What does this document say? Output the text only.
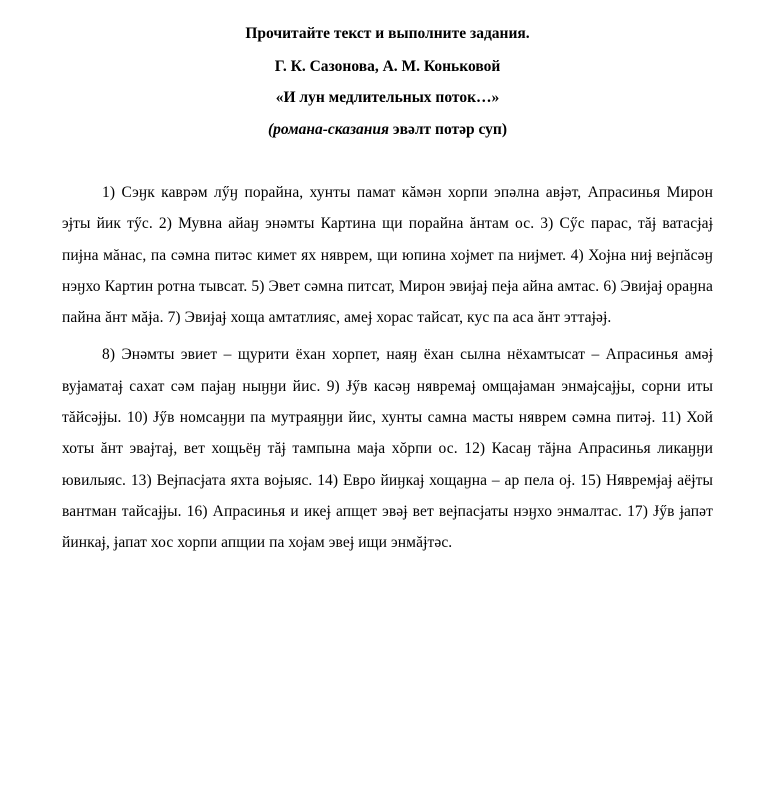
Прочитайте текст и выполните задания.
Г. К. Сазонова, А. М. Коньковой
«И лун медлительных поток…»
(романа-сказания эвəлт потəр суп)

1) Сэӈк каврəм лӳӈ порайна, хунты памат кăмəн хорпи эпəлна авɉəт, Апрасинья Мирон эɉты йик тӳс. 2) Мувна айаӈ энəмты Картина щи порайна ăнтам ос. 3) Сӳс парас, тăɉ ватасɉаɉ пиɉна мăнас, па сəмна питəс кимет ях няврем, щи юпина хоɉмет па ниɉмет. 4) Хоɉна ниɉ веɉпăсəӈ нэӈхо Картин ротна тывсат. 5) Эвет сəмна питсат, Мирон эвиɉаɉ пеɉа айна амтас. 6) Эвиɉаɉ ораӈна пайна ăнт мăɉа. 7) Эвиɉаɉ хоща амтатлияс, амеɉ хорас тайсат, кус па аса ăнт эттаɉəɉ.

8) Энəмты эвиет – щурити ёхан хорпет, наяӈ ёхан сылна нёхамтысат – Апрасинья амəɉ вуɉаматаɉ сахат сəм паɉаӈ ныӈӈи йис. 9) Ɉӳв касəӈ нявремаɉ омщаɉаман энмаɉсаɉɉы, сорни иты тăйсəɉɉы. 10) Ɉӳв номсаӈӈи па мутраяӈӈи йис, хунты самна масты няврем сəмна питəɉ. 11) Хой хоты ăнт эваɉтаɉ, вет хощьёӈ тăɉ тампына маɉа хŏрпи ос. 12) Касаӈ тăɉна Апрасинья ликаӈӈи ювилыяс. 13) Веɉпасɉата яхта воɉыяс. 14) Евро йиӈкаɉ хощаӈна – ар пела оɉ. 15) Нявремɉаɉ аёɉты вантман тайсаɉɉы. 16) Апрасинья и икеɉ апщет эвəɉ вет веɉпасɉаты нэӈхо энмалтас. 17) Ɉӳв ɉапəт йинкаɉ, ɉапат хос хорпи апщии па хоɉам эвеɉ ищи энмăɉтəс.
